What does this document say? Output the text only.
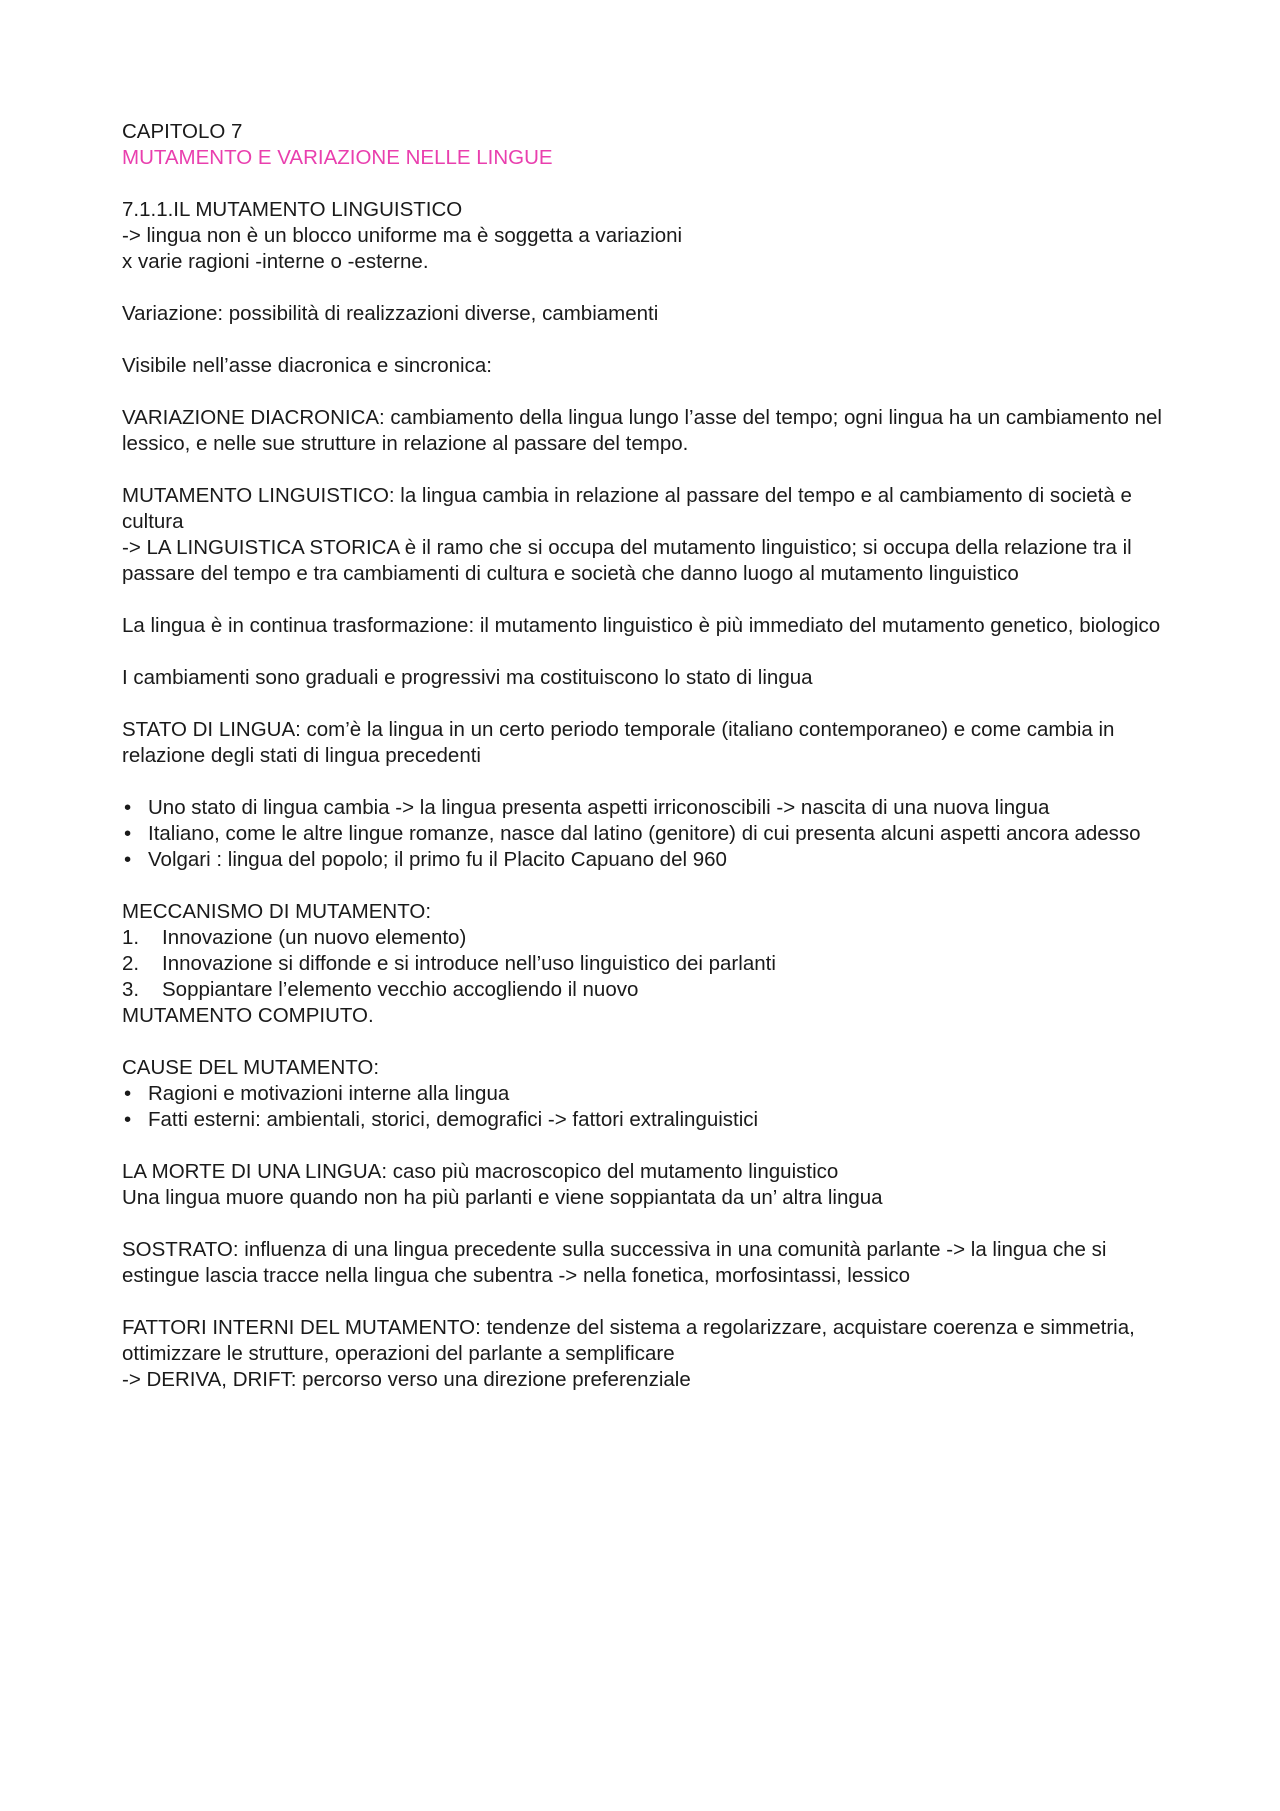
CAPITOLO 7

MUTAMENTO E VARIAZIONE NELLE LINGUE

7.1.1.IL MUTAMENTO LINGUISTICO

-> lingua non è un blocco uniforme ma è soggetta a variazioni

x varie ragioni -interne o -esterne.

Variazione: possibilità di realizzazioni diverse, cambiamenti

Visibile nell’asse diacronica e sincronica:

VARIAZIONE DIACRONICA: cambiamento della lingua lungo l’asse del tempo; ogni lingua ha un cambiamento nel lessico, e nelle sue strutture in relazione al passare del tempo.

MUTAMENTO LINGUISTICO: la lingua cambia in relazione al passare del tempo e al cambiamento di società e cultura

-> LA LINGUISTICA STORICA è il ramo che si occupa del mutamento linguistico; si occupa della relazione tra il passare del tempo e tra cambiamenti di cultura e società che danno luogo al mutamento linguistico

La lingua è in continua trasformazione: il mutamento linguistico è più immediato del mutamento genetico, biologico

I cambiamenti sono graduali e progressivi ma costituiscono lo stato di lingua

STATO DI LINGUA: com’è la lingua in un certo periodo temporale (italiano contemporaneo) e come cambia in relazione degli stati di lingua precedenti

• Uno stato di lingua cambia -> la lingua presenta aspetti irriconoscibili -> nascita di una nuova lingua
• Italiano, come le altre lingue romanze, nasce dal latino (genitore) di cui presenta alcuni aspetti ancora adesso
• Volgari : lingua del popolo; il primo fu il Placito Capuano del 960

MECCANISMO DI MUTAMENTO:

1. Innovazione (un nuovo elemento)
2. Innovazione si diffonde e si introduce nell’uso linguistico dei parlanti
3. Soppiantare l’elemento vecchio accogliendo il nuovo

MUTAMENTO COMPIUTO.

CAUSE DEL MUTAMENTO:

• Ragioni e motivazioni interne alla lingua
• Fatti esterni: ambientali, storici, demografici -> fattori extralinguistici

LA MORTE DI UNA LINGUA: caso più macroscopico del mutamento linguistico

Una lingua muore quando non ha più parlanti e viene soppiantata da un’ altra lingua

SOSTRATO: influenza di una lingua precedente sulla successiva in una comunità parlante -> la lingua che si estingue lascia tracce nella lingua che subentra -> nella fonetica, morfosintassi, lessico

FATTORI INTERNI DEL MUTAMENTO: tendenze del sistema a regolarizzare, acquistare coerenza e simmetria, ottimizzare le strutture, operazioni del parlante a semplificare

-> DERIVA, DRIFT: percorso verso una direzione preferenziale
